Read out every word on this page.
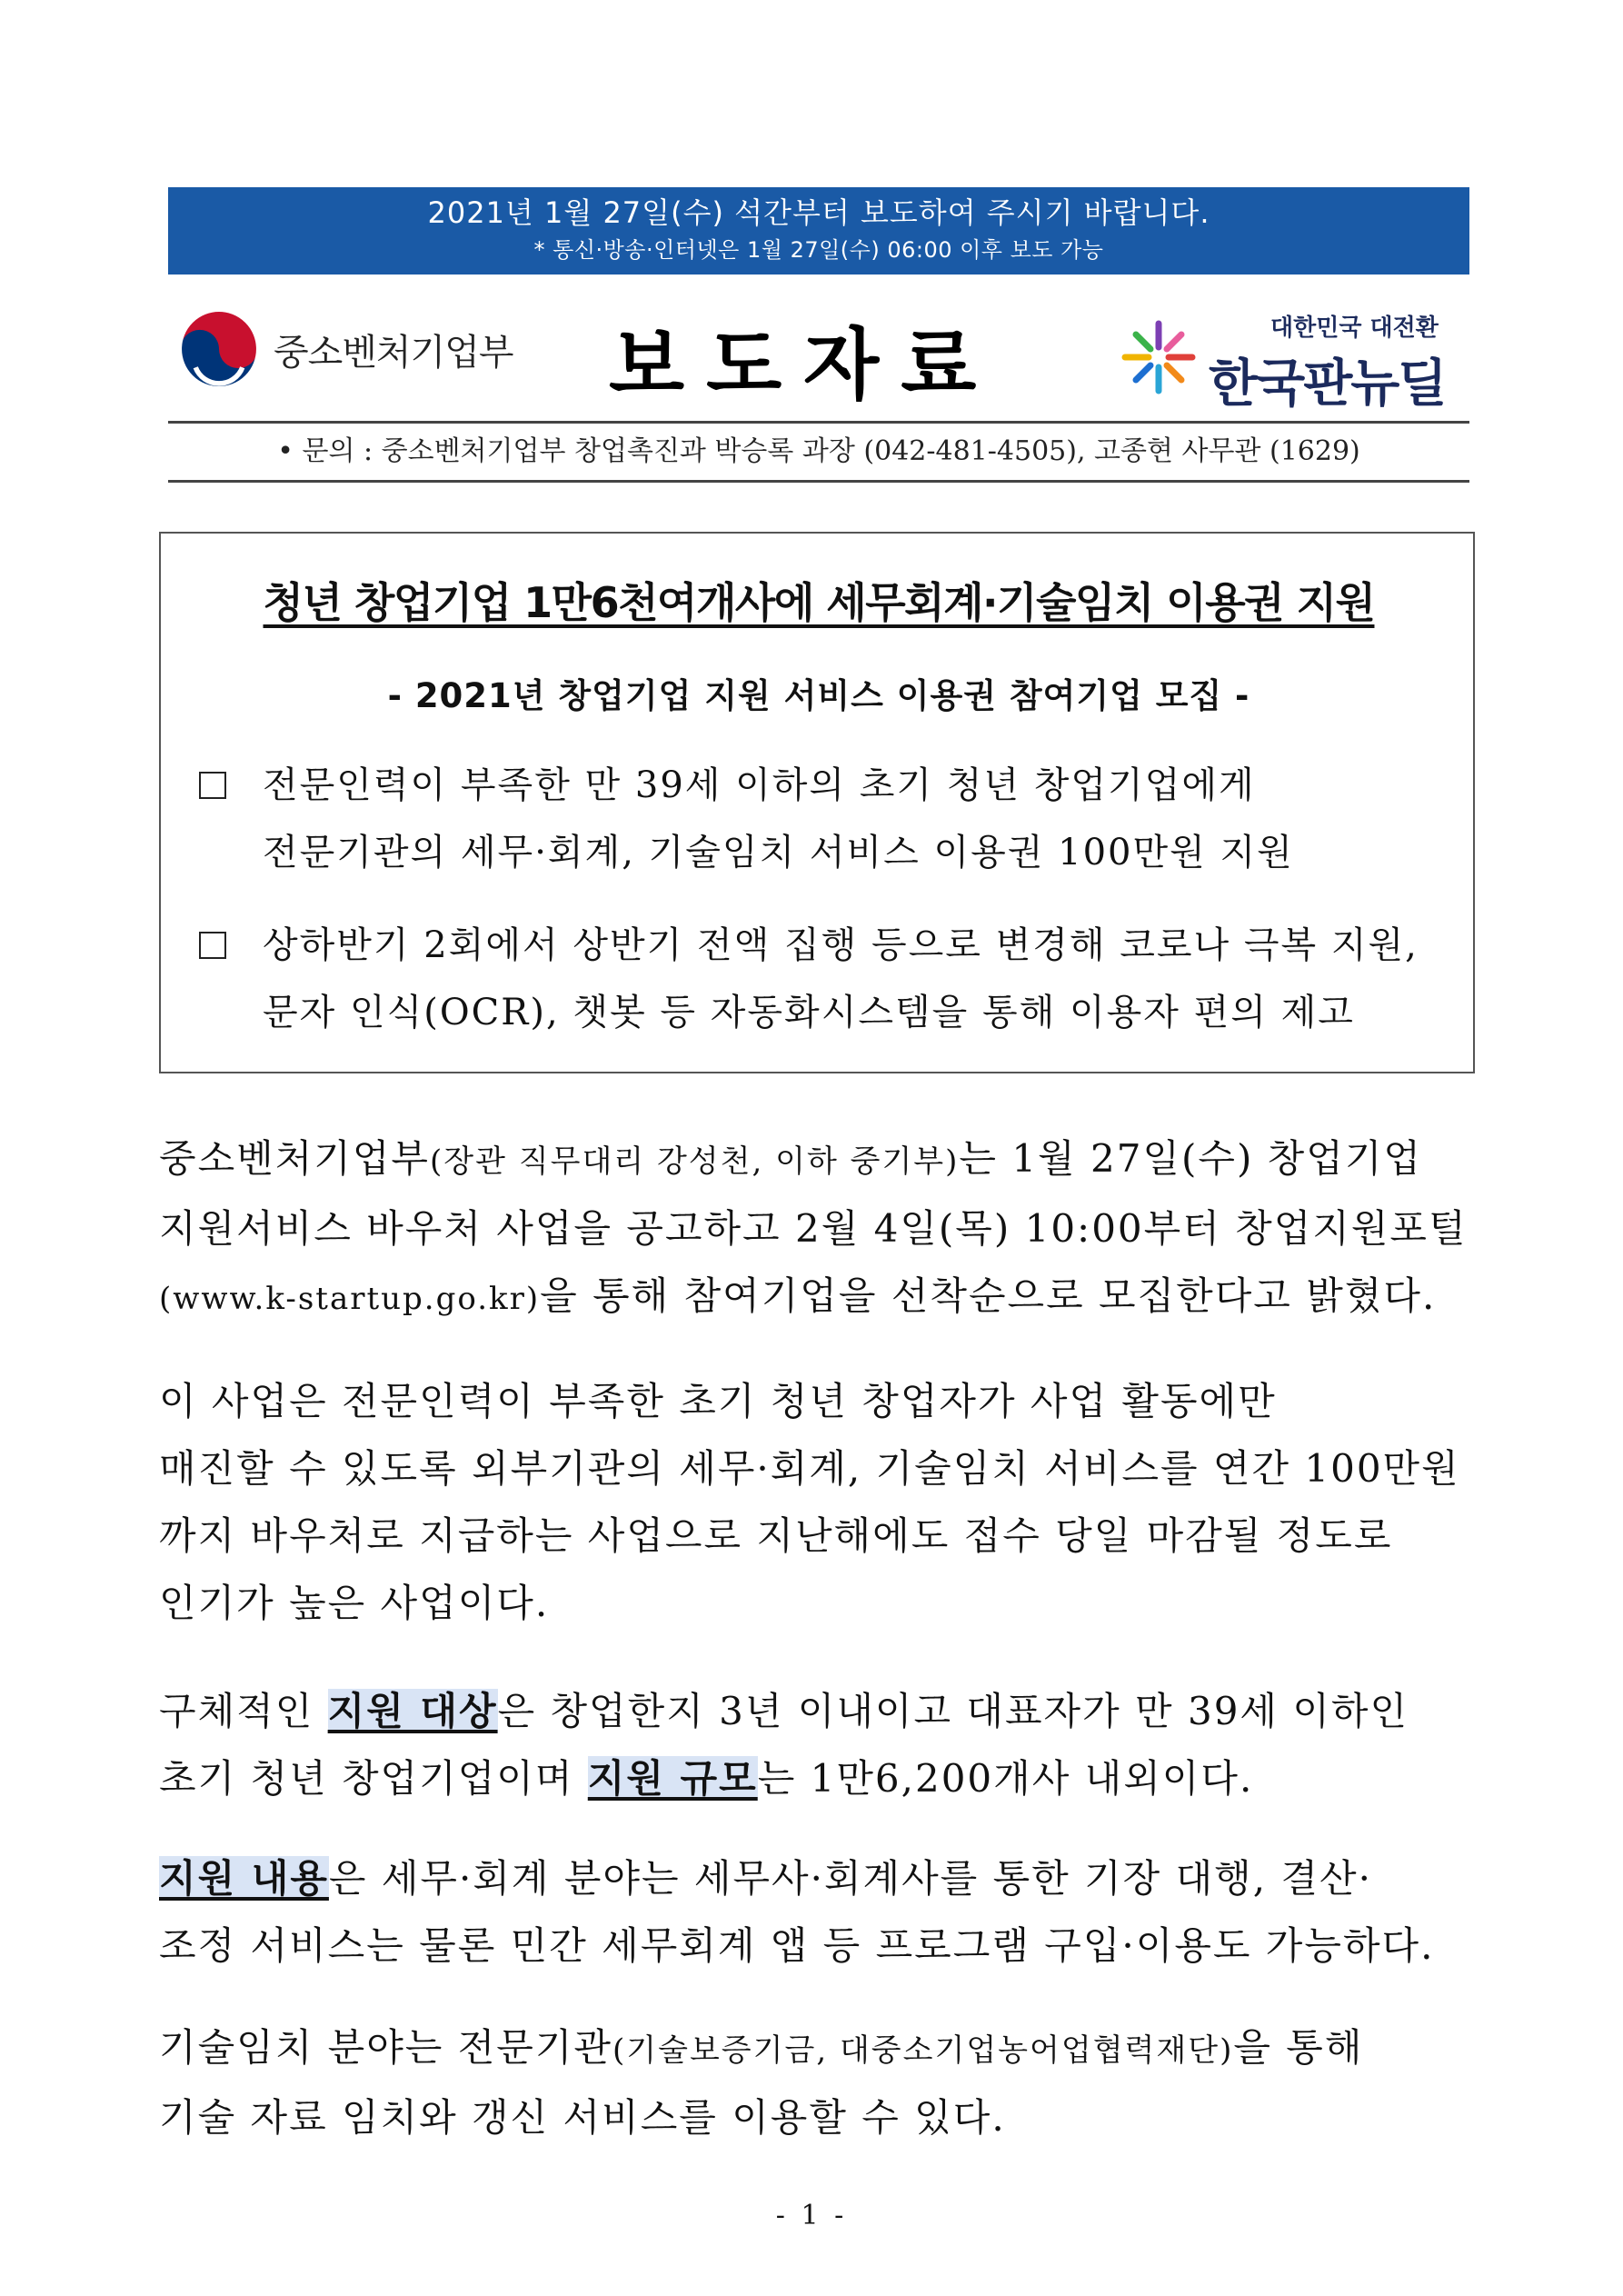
2021년 1월 27일(수) 석간부터 보도하여 주시기 바랍니다.
* 통신·방송·인터넷은 1월 27일(수) 06:00 이후 보도 가능
중소벤처기업부 보도자료	대한민국 대전환
한국판뉴딜
• 문의 : 중소벤처기업부 창업촉진과 박승록 과장 (042-481-4505), 고종현 사무관 (1629)
청년 창업기업 1만6천여개사에 세무회계·기술임치 이용권 지원
- 2021년 창업기업 지원 서비스 이용권 참여기업 모집 -
전문인력이 부족한 만 39세 이하의 초기 청년 창업기업에게
전문기관의 세무·회계, 기술임치 서비스 이용권 100만원 지원
상하반기 2회에서 상반기 전액 집행 등으로 변경해 코로나 극복 지원,
문자 인식(OCR), 챗봇 등 자동화시스템을 통해 이용자 편의 제고
중소벤처기업부(장관 직무대리 강성천, 이하 중기부)는 1월 27일(수) 창업기업
지원서비스 바우처 사업을 공고하고 2월 4일(목) 10:00부터 창업지원포털
(www.k-startup.go.kr)을 통해 참여기업을 선착순으로 모집한다고 밝혔다.
이 사업은 전문인력이 부족한 초기 청년 창업자가 사업 활동에만
매진할 수 있도록 외부기관의 세무·회계, 기술임치 서비스를 연간 100만원
까지 바우처로 지급하는 사업으로 지난해에도 접수 당일 마감될 정도로
인기가 높은 사업이다.
구체적인 지원 대상은 창업한지 3년 이내이고 대표자가 만 39세 이하인
초기 청년 창업기업이며 지원 규모는 1만6,200개사 내외이다.
지원 내용은 세무·회계 분야는 세무사·회계사를 통한 기장 대행, 결산·
조정 서비스는 물론 민간 세무회계 앱 등 프로그램 구입·이용도 가능하다.
기술임치 분야는 전문기관(기술보증기금, 대중소기업농어업협력재단)을 통해
기술 자료 임치와 갱신 서비스를 이용할 수 있다.
- 1 -
